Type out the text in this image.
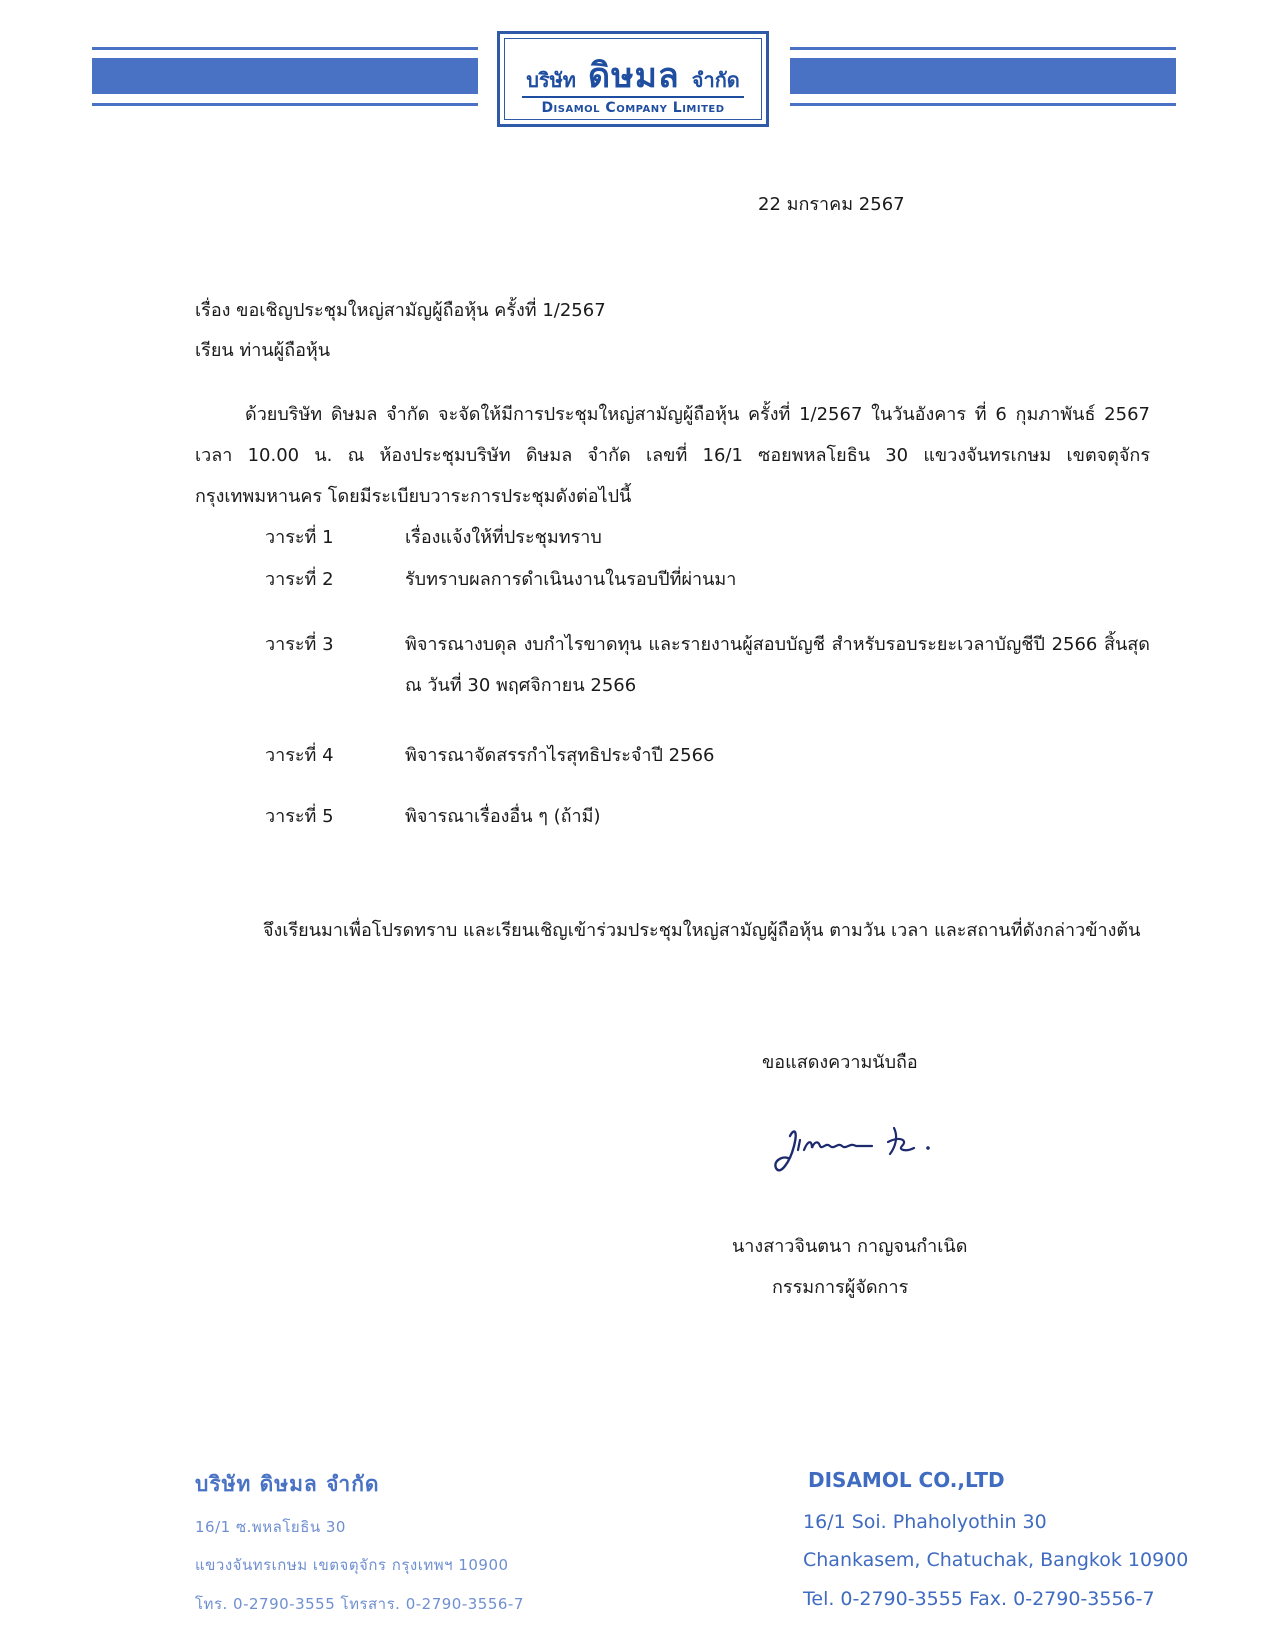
บริษัท ดิษมล จำกัด
Disamol Company Limited
22 มกราคม 2567
เรื่อง ขอเชิญประชุมใหญ่สามัญผู้ถือหุ้น ครั้งที่ 1/2567
เรียน ท่านผู้ถือหุ้น
ด้วยบริษัท ดิษมล จำกัด จะจัดให้มีการประชุมใหญ่สามัญผู้ถือหุ้น ครั้งที่ 1/2567 ในวันอังคาร ที่ 6 กุมภาพันธ์ 2567 เวลา 10.00 น. ณ ห้องประชุมบริษัท ดิษมล จำกัด เลขที่ 16/1 ซอยพหลโยธิน 30 แขวงจันทรเกษม เขตจตุจักร กรุงเทพมหานคร โดยมีระเบียบวาระการประชุมดังต่อไปนี้
วาระที่ 1	เรื่องแจ้งให้ที่ประชุมทราบ
วาระที่ 2	รับทราบผลการดำเนินงานในรอบปีที่ผ่านมา
วาระที่ 3	พิจารณางบดุล งบกำไรขาดทุน และรายงานผู้สอบบัญชี สำหรับรอบระยะเวลาบัญชีปี 2566 สิ้นสุด ณ วันที่ 30 พฤศจิกายน 2566
วาระที่ 4	พิจารณาจัดสรรกำไรสุทธิประจำปี 2566
วาระที่ 5	พิจารณาเรื่องอื่น ๆ (ถ้ามี)
จึงเรียนมาเพื่อโปรดทราบ และเรียนเชิญเข้าร่วมประชุมใหญ่สามัญผู้ถือหุ้น ตามวัน เวลา และสถานที่ดังกล่าวข้างต้น
ขอแสดงความนับถือ
นางสาวจินตนา กาญจนกำเนิด
กรรมการผู้จัดการ
บริษัท ดิษมล จำกัด
16/1 ซ.พหลโยธิน 30
แขวงจันทรเกษม เขตจตุจักร กรุงเทพฯ 10900
โทร. 0-2790-3555 โทรสาร. 0-2790-3556-7
DISAMOL CO.,LTD
16/1 Soi. Phaholyothin 30
Chankasem, Chatuchak, Bangkok 10900
Tel. 0-2790-3555 Fax. 0-2790-3556-7
